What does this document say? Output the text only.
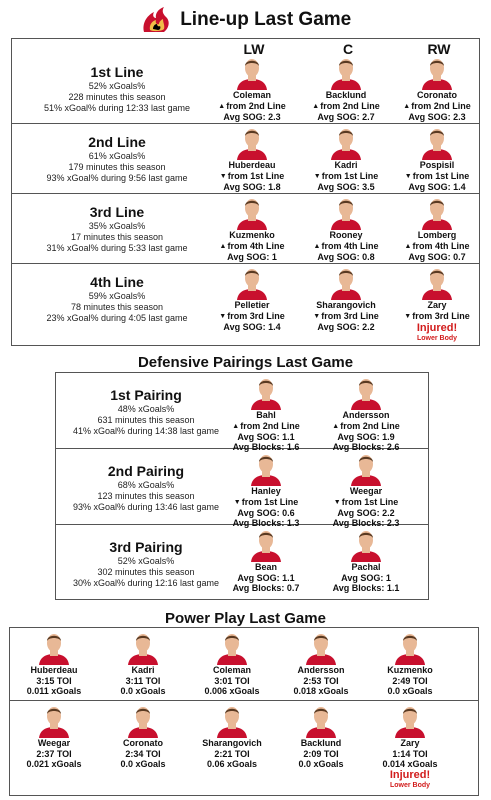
Line-up Last Game
LW	C	RW
1st Line
52% xGoals%
228 minutes this season
51% xGoal% during 12:33 last game
Coleman
▲from 2nd Line
Avg SOG: 2.3
Backlund
▲from 2nd Line
Avg SOG: 2.7
Coronato
▲from 2nd Line
Avg SOG: 2.3
2nd Line
61% xGoals%
179 minutes this season
93% xGoal% during 9:56 last game
Huberdeau
▼from 1st Line
Avg SOG: 1.8
Kadri
▼from 1st Line
Avg SOG: 3.5
Pospisil
▼from 1st Line
Avg SOG: 1.4
3rd Line
35% xGoals%
17 minutes this season
31% xGoal% during 5:33 last game
Kuzmenko
▲from 4th Line
Avg SOG: 1
Rooney
▲from 4th Line
Avg SOG: 0.8
Lomberg
▲from 4th Line
Avg SOG: 0.7
4th Line
59% xGoals%
78 minutes this season
23% xGoal% during 4:05 last game
Pelletier
▼from 3rd Line
Avg SOG: 1.4
Sharangovich
▼from 3rd Line
Avg SOG: 2.2
Zary
▼from 3rd Line
Injured!
Lower Body
Defensive Pairings Last Game
1st Pairing
48% xGoals%
631 minutes this season
41% xGoal% during 14:38 last game
Bahl
▲from 2nd Line
Avg SOG: 1.1
Avg Blocks: 1.6
Andersson
▲from 2nd Line
Avg SOG: 1.9
Avg Blocks: 2.6
2nd Pairing
68% xGoals%
123 minutes this season
93% xGoal% during 13:46 last game
Hanley
▼from 1st Line
Avg SOG: 0.6
Avg Blocks: 1.3
Weegar
▼from 1st Line
Avg SOG: 2.2
Avg Blocks: 2.3
3rd Pairing
52% xGoals%
302 minutes this season
30% xGoal% during 12:16 last game
Bean
Avg SOG: 1.1
Avg Blocks: 0.7
Pachal
Avg SOG: 1
Avg Blocks: 1.1
Power Play Last Game
Huberdeau
3:15 TOI
0.011 xGoals
Kadri
3:11 TOI
0.0 xGoals
Coleman
3:01 TOI
0.006 xGoals
Andersson
2:53 TOI
0.018 xGoals
Kuzmenko
2:49 TOI
0.0 xGoals
Weegar
2:37 TOI
0.021 xGoals
Coronato
2:34 TOI
0.0 xGoals
Sharangovich
2:21 TOI
0.06 xGoals
Backlund
2:09 TOI
0.0 xGoals
Zary
1:14 TOI
0.014 xGoals
Injured!
Lower Body
